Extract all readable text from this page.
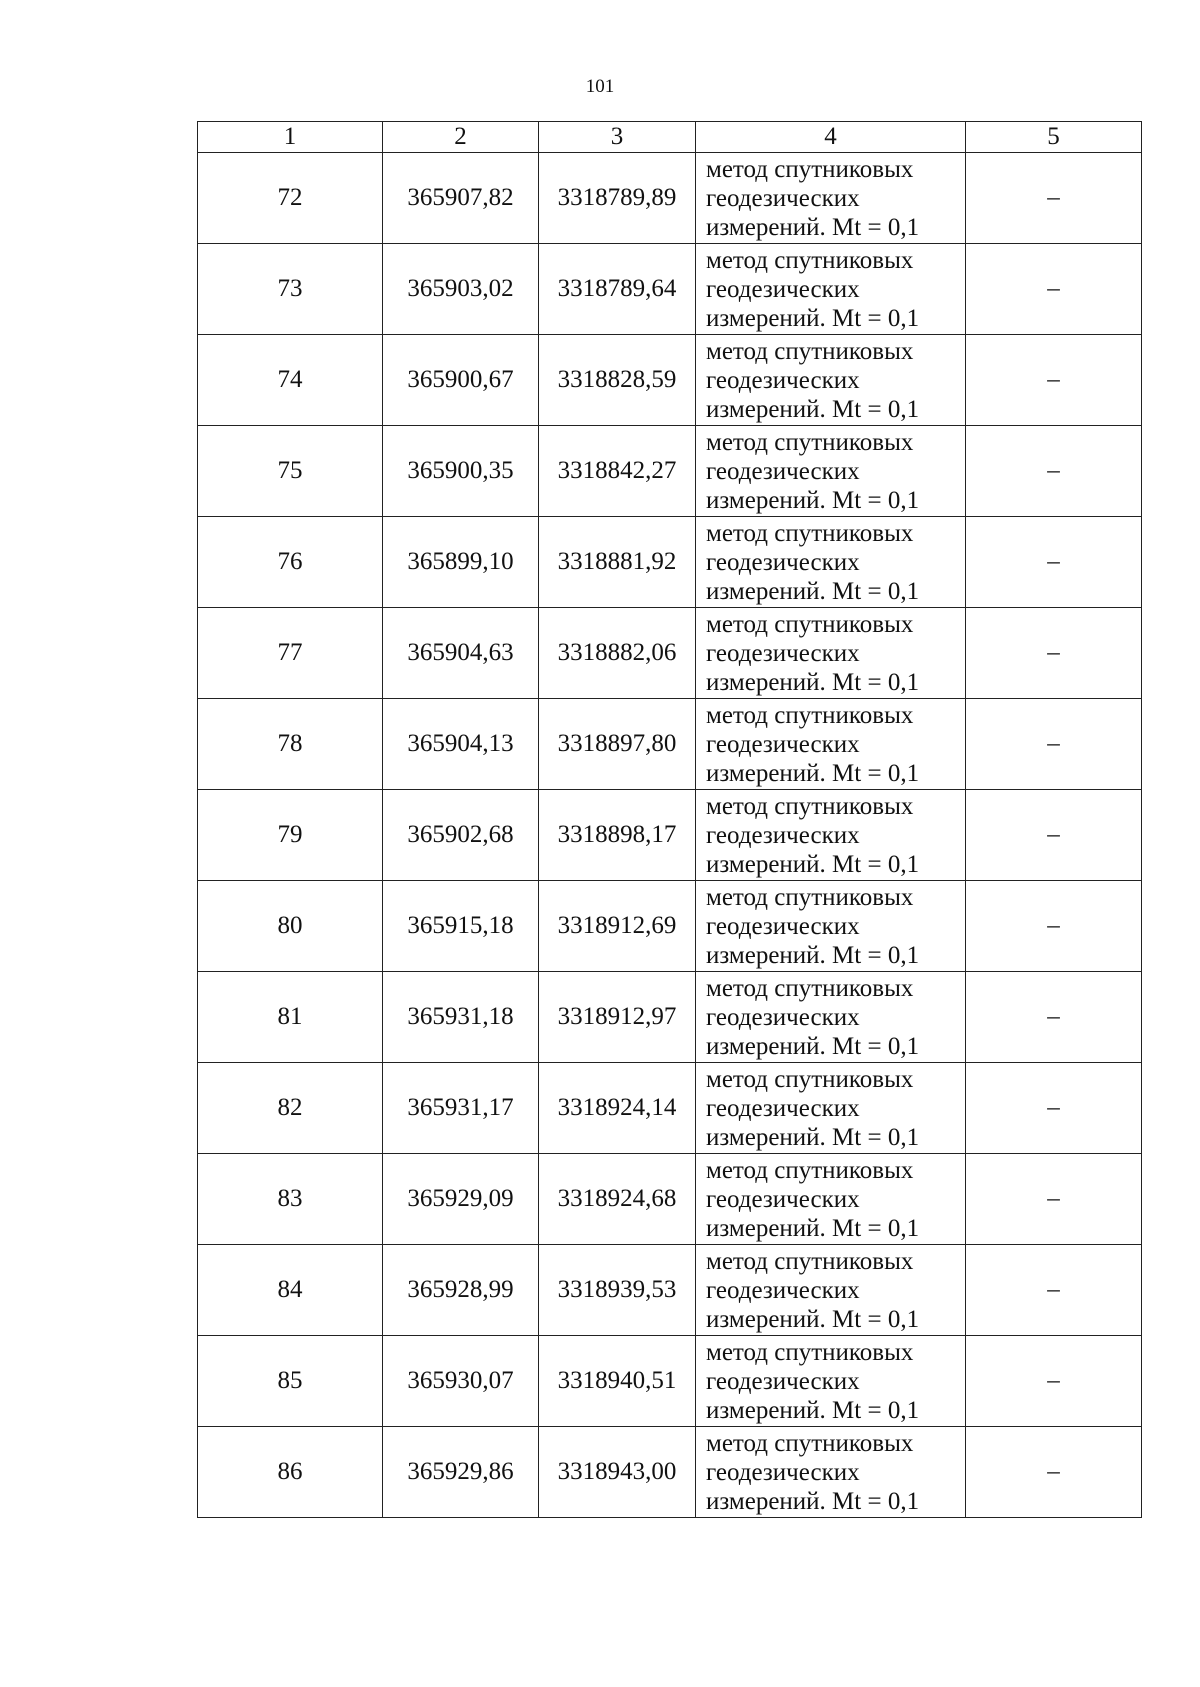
101
1	2	3	4	5
72	365907,82	3318789,89	метод спутниковых
геодезических
измерений. Mt = 0,1	–
73	365903,02	3318789,64	метод спутниковых
геодезических
измерений. Mt = 0,1	–
74	365900,67	3318828,59	метод спутниковых
геодезических
измерений. Mt = 0,1	–
75	365900,35	3318842,27	метод спутниковых
геодезических
измерений. Mt = 0,1	–
76	365899,10	3318881,92	метод спутниковых
геодезических
измерений. Mt = 0,1	–
77	365904,63	3318882,06	метод спутниковых
геодезических
измерений. Mt = 0,1	–
78	365904,13	3318897,80	метод спутниковых
геодезических
измерений. Mt = 0,1	–
79	365902,68	3318898,17	метод спутниковых
геодезических
измерений. Mt = 0,1	–
80	365915,18	3318912,69	метод спутниковых
геодезических
измерений. Mt = 0,1	–
81	365931,18	3318912,97	метод спутниковых
геодезических
измерений. Mt = 0,1	–
82	365931,17	3318924,14	метод спутниковых
геодезических
измерений. Mt = 0,1	–
83	365929,09	3318924,68	метод спутниковых
геодезических
измерений. Mt = 0,1	–
84	365928,99	3318939,53	метод спутниковых
геодезических
измерений. Mt = 0,1	–
85	365930,07	3318940,51	метод спутниковых
геодезических
измерений. Mt = 0,1	–
86	365929,86	3318943,00	метод спутниковых
геодезических
измерений. Mt = 0,1	–
